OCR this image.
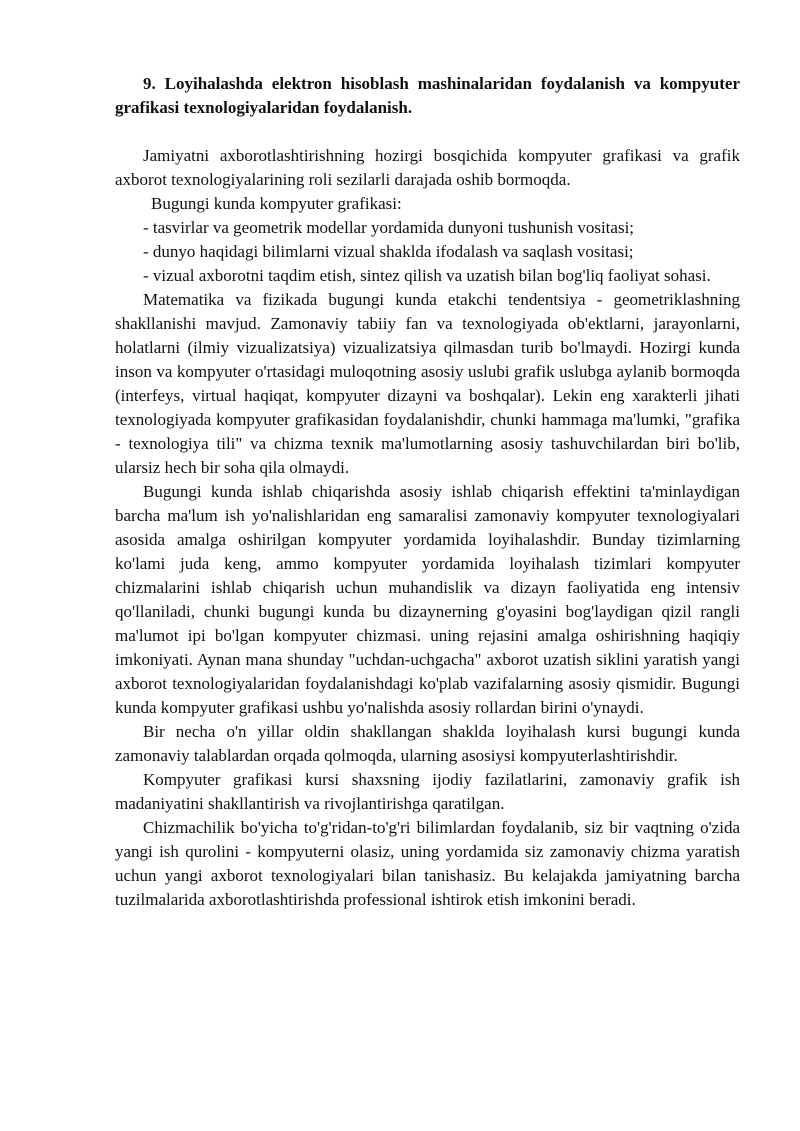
9. Loyihalashda elektron hisoblash mashinalaridan foydalanish va kompyuter grafikasi texnologiyalaridan foydalanish.

Jamiyatni axborotlashtirishning hozirgi bosqichida kompyuter grafikasi va grafik axborot texnologiyalarining roli sezilarli darajada oshib bormoqda.

Bugungi kunda kompyuter grafikasi:

- tasvirlar va geometrik modellar yordamida dunyoni tushunish vositasi;

- dunyo haqidagi bilimlarni vizual shaklda ifodalash va saqlash vositasi;

- vizual axborotni taqdim etish, sintez qilish va uzatish bilan bog'liq faoliyat sohasi.

Matematika va fizikada bugungi kunda etakchi tendentsiya - geometriklashning shakllanishi mavjud. Zamonaviy tabiiy fan va texnologiyada ob'ektlarni, jarayonlarni, holatlarni (ilmiy vizualizatsiya) vizualizatsiya qilmasdan turib bo'lmaydi. Hozirgi kunda inson va kompyuter o'rtasidagi muloqotning asosiy uslubi grafik uslubga aylanib bormoqda (interfeys, virtual haqiqat, kompyuter dizayni va boshqalar). Lekin eng xarakterli jihati texnologiyada kompyuter grafikasidan foydalanishdir, chunki hammaga ma'lumki, "grafika - texnologiya tili" va chizma texnik ma'lumotlarning asosiy tashuvchilardan biri bo'lib, ularsiz hech bir soha qila olmaydi.

Bugungi kunda ishlab chiqarishda asosiy ishlab chiqarish effektini ta'minlaydigan barcha ma'lum ish yo'nalishlaridan eng samaralisi zamonaviy kompyuter texnologiyalari asosida amalga oshirilgan kompyuter yordamida loyihalashdir. Bunday tizimlarning ko'lami juda keng, ammo kompyuter yordamida loyihalash tizimlari kompyuter chizmalarini ishlab chiqarish uchun muhandislik va dizayn faoliyatida eng intensiv qo'llaniladi, chunki bugungi kunda bu dizaynerning g'oyasini bog'laydigan qizil rangli ma'lumot ipi bo'lgan kompyuter chizmasi. uning rejasini amalga oshirishning haqiqiy imkoniyati. Aynan mana shunday "uchdan-uchgacha" axborot uzatish siklini yaratish yangi axborot texnologiyalaridan foydalanishdagi ko'plab vazifalarning asosiy qismidir. Bugungi kunda kompyuter grafikasi ushbu yo'nalishda asosiy rollardan birini o'ynaydi.

Bir necha o'n yillar oldin shakllangan shaklda loyihalash kursi bugungi kunda zamonaviy talablardan orqada qolmoqda, ularning asosiysi kompyuterlashtirishdir.

Kompyuter grafikasi kursi shaxsning ijodiy fazilatlarini, zamonaviy grafik ish madaniyatini shakllantirish va rivojlantirishga qaratilgan.

Chizmachilik bo'yicha to'g'ridan-to'g'ri bilimlardan foydalanib, siz bir vaqtning o'zida yangi ish qurolini - kompyuterni olasiz, uning yordamida siz zamonaviy chizma yaratish uchun yangi axborot texnologiyalari bilan tanishasiz. Bu kelajakda jamiyatning barcha tuzilmalarida axborotlashtirishda professional ishtirok etish imkonini beradi.
